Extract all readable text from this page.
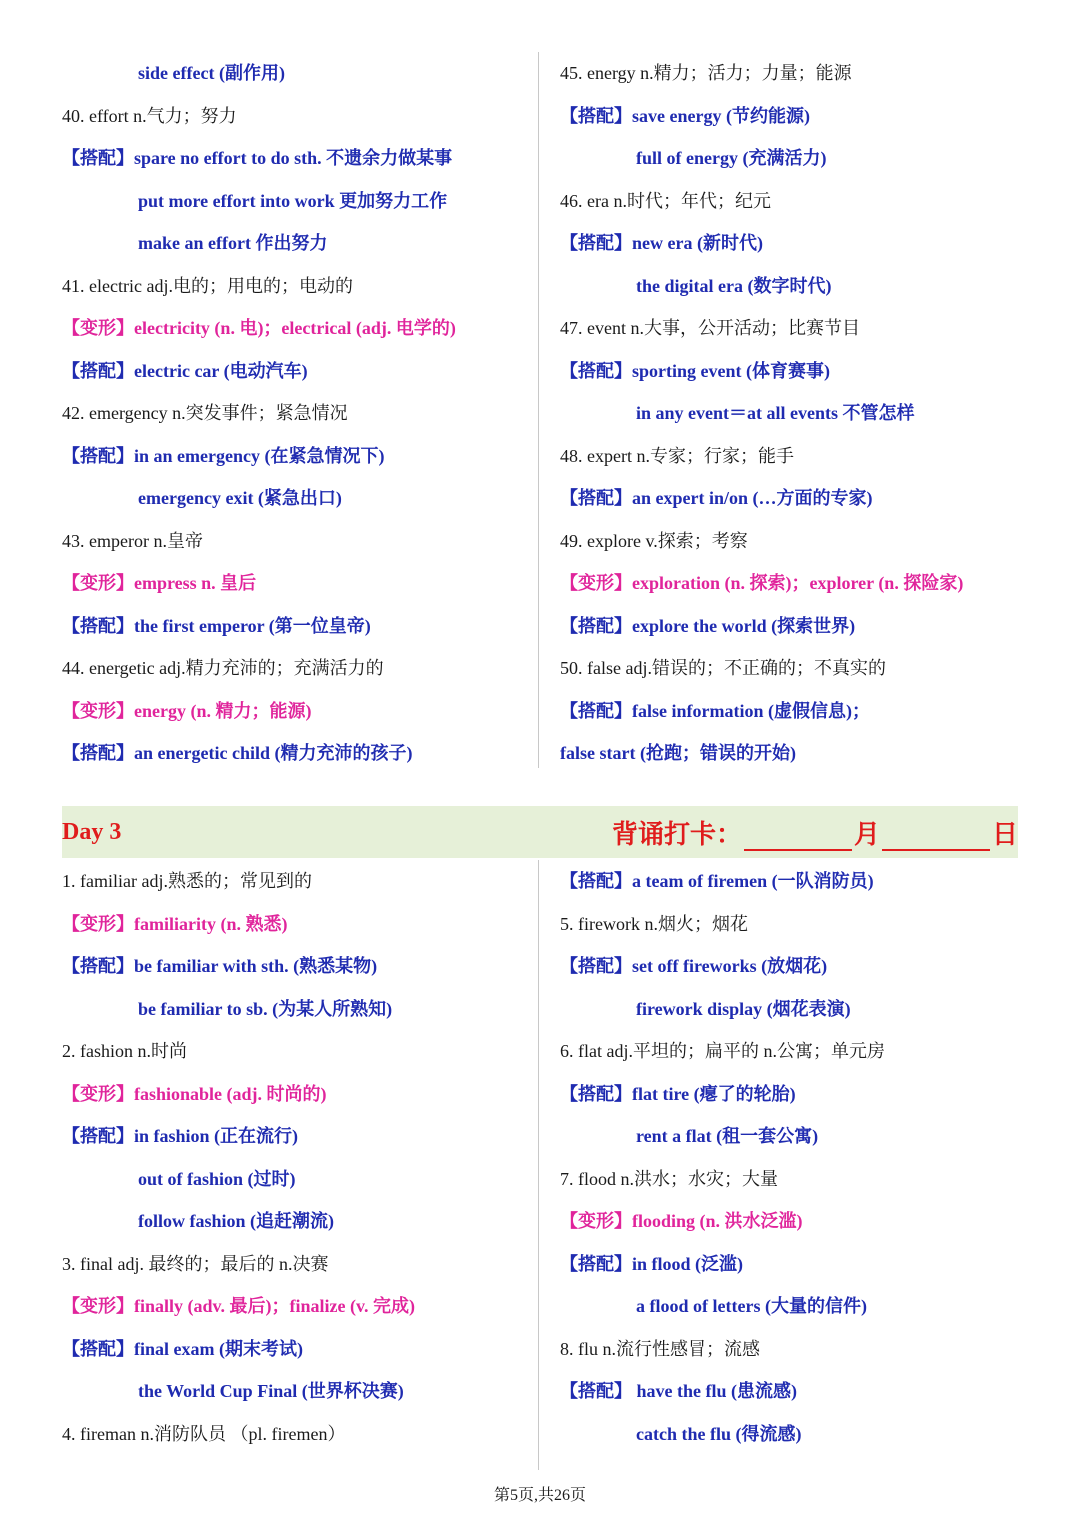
side effect (副作用)
40. effort n.气力；努力
【搭配】spare no effort to do sth. 不遗余力做某事
put more effort into work 更加努力工作
make an effort 作出努力
41. electric adj.电的；用电的；电动的
【变形】electricity (n. 电)；electrical (adj. 电学的)
【搭配】electric car (电动汽车)
42. emergency n.突发事件；紧急情况
【搭配】in an emergency (在紧急情况下)
emergency exit (紧急出口)
43. emperor n.皇帝
【变形】empress n. 皇后
【搭配】the first emperor (第一位皇帝)
44. energetic adj.精力充沛的；充满活力的
【变形】energy (n. 精力；能源)
【搭配】an energetic child (精力充沛的孩子)
45. energy n.精力；活力；力量；能源
【搭配】save energy (节约能源)
full of energy (充满活力)
46. era n.时代；年代；纪元
【搭配】new era (新时代)
the digital era (数字时代)
47. event n.大事，公开活动；比赛节目
【搭配】sporting event (体育赛事)
in any event＝at all events 不管怎样
48. expert n.专家；行家；能手
【搭配】an expert in/on (…方面的专家)
49. explore v.探索；考察
【变形】exploration (n. 探索)；explorer (n. 探险家)
【搭配】explore the world (探索世界)
50. false adj.错误的；不正确的；不真实的
【搭配】false information (虚假信息)；
false start (抢跑；错误的开始)
Day 3	背诵打卡：	月	日
1. familiar adj.熟悉的；常见到的
【变形】familiarity (n. 熟悉)
【搭配】be familiar with sth. (熟悉某物)
be familiar to sb. (为某人所熟知)
2. fashion n.时尚
【变形】fashionable (adj. 时尚的)
【搭配】in fashion (正在流行)
out of fashion (过时)
follow fashion (追赶潮流)
3. final adj. 最终的；最后的 n.决赛
【变形】finally (adv. 最后)；finalize (v. 完成)
【搭配】final exam (期末考试)
the World Cup Final (世界杯决赛)
4. fireman n.消防队员 （pl. firemen）
【搭配】a team of firemen (一队消防员)
5. firework n.烟火；烟花
【搭配】set off fireworks (放烟花)
firework display (烟花表演)
6. flat adj.平坦的；扁平的 n.公寓；单元房
【搭配】flat tire (瘪了的轮胎)
rent a flat (租一套公寓)
7. flood n.洪水；水灾；大量
【变形】flooding (n. 洪水泛滥)
【搭配】in flood (泛滥)
a flood of letters (大量的信件)
8. flu n.流行性感冒；流感
【搭配】 have the flu (患流感)
catch the flu (得流感)
第5页,共26页
